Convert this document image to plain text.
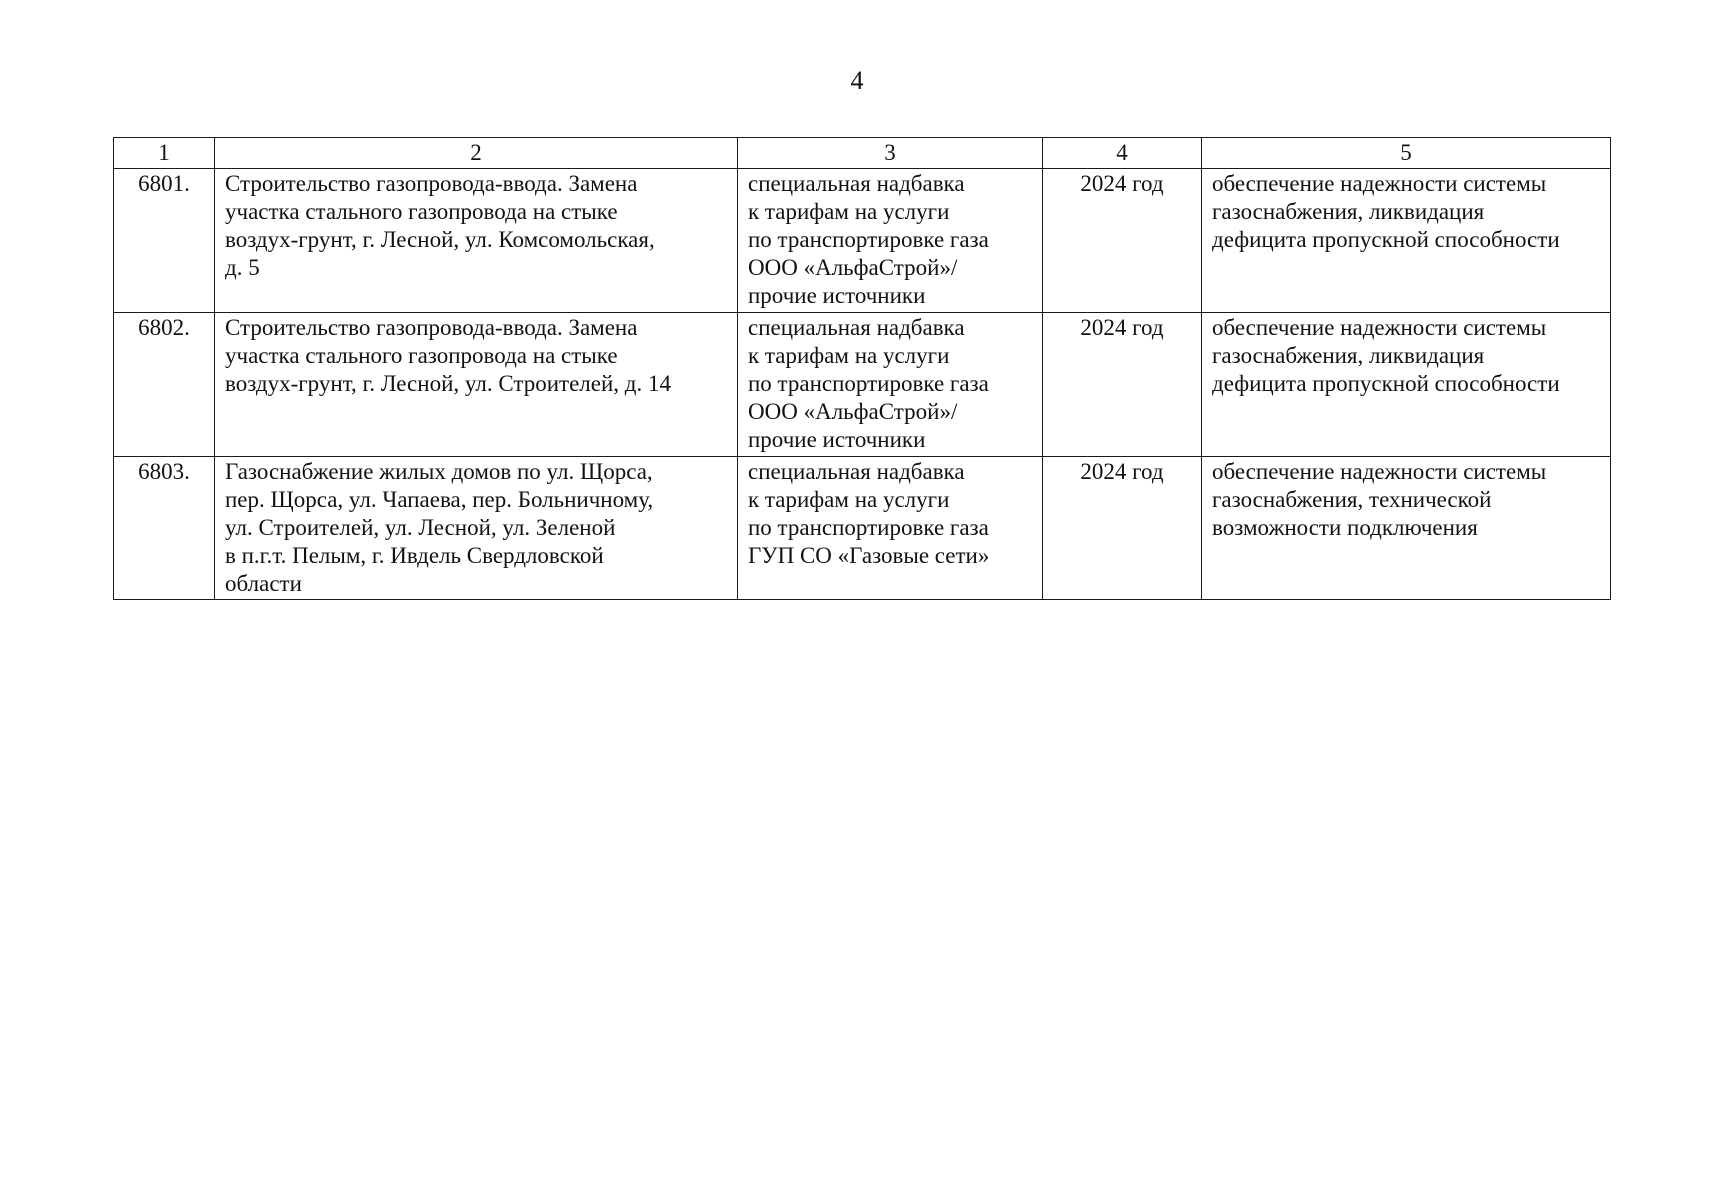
4
1	2	3	4	5
6801.	Строительство газопровода-ввода. Замена
участка стального газопровода на стыке
воздух-грунт, г. Лесной, ул. Комсомольская,
д. 5	специальная надбавка
к тарифам на услуги
по транспортировке газа
ООО «АльфаСтрой»/
прочие источники	2024 год	обеспечение надежности системы
газоснабжения, ликвидация
дефицита пропускной способности

6802.	Строительство газопровода-ввода. Замена
участка стального газопровода на стыке
воздух-грунт, г. Лесной, ул. Строителей, д. 14	специальная надбавка
к тарифам на услуги
по транспортировке газа
ООО «АльфаСтрой»/
прочие источники	2024 год	обеспечение надежности системы
газоснабжения, ликвидация
дефицита пропускной способности

6803.	Газоснабжение жилых домов по ул. Щорса,
пер. Щорса, ул. Чапаева, пер. Больничному,
ул. Строителей, ул. Лесной, ул. Зеленой
в п.г.т. Пелым, г. Ивдель Свердловской
области	специальная надбавка
к тарифам на услуги
по транспортировке газа
ГУП СО «Газовые сети»	2024 год	обеспечение надежности системы
газоснабжения, технической
возможности подключения
